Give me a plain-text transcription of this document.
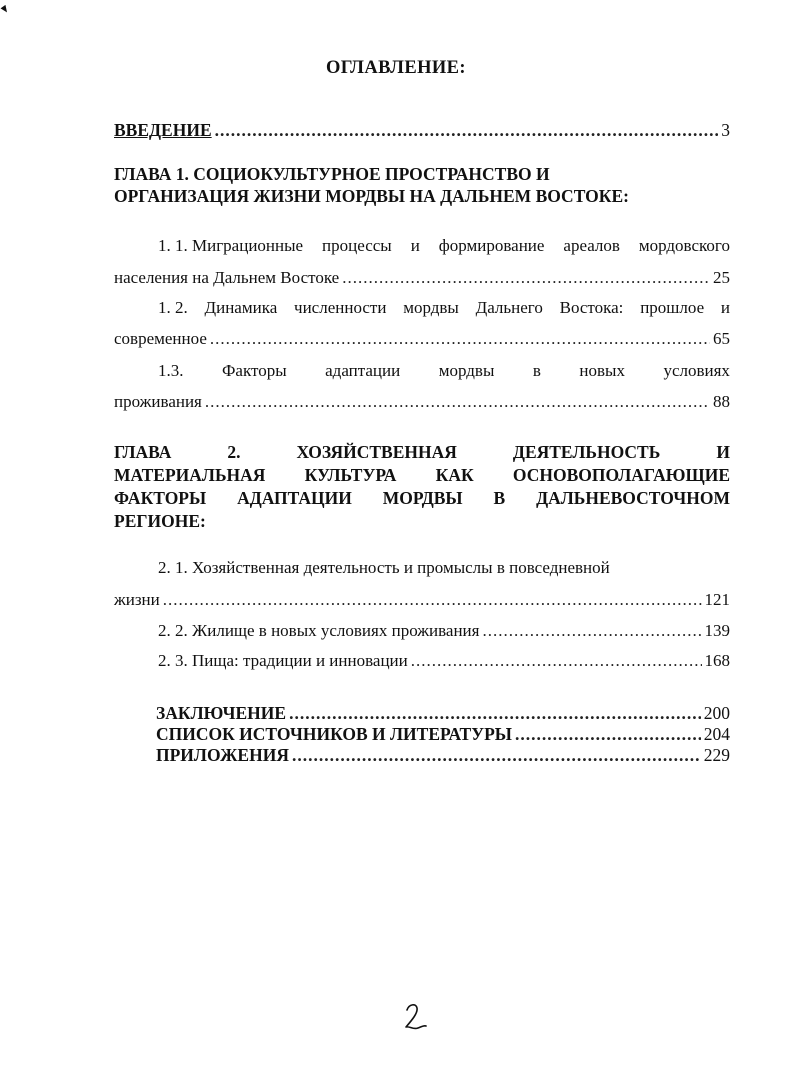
ОГЛАВЛЕНИЕ:
ВВЕДЕНИЕ .....	3
ГЛАВА 1. СОЦИОКУЛЬТУРНОЕ ПРОСТРАНСТВО И
ОРГАНИЗАЦИЯ ЖИЗНИ МОРДВЫ НА ДАЛЬНЕМ ВОСТОКЕ:
1. 1. Миграционные процессы и формирование ареалов мордовского
населения на Дальнем Востоке .....	25
1. 2. Динамика численности мордвы Дальнего Востока: прошлое и
современное .....	65
1.3. Факторы адаптации мордвы в новых условиях
проживания .....	88
ГЛАВА	2.	ХОЗЯЙСТВЕННАЯ	ДЕЯТЕЛЬНОСТЬ	И
МАТЕРИАЛЬНАЯ КУЛЬТУРА КАК ОСНОВОПОЛАГАЮЩИЕ
ФАКТОРЫ АДАПТАЦИИ МОРДВЫ В ДАЛЬНЕВОСТОЧНОМ
РЕГИОНЕ:
2. 1. Хозяйственная деятельность и промыслы в повседневной
жизни .....	121
2. 2. Жилище в новых условиях проживания .....	139
2. 3. Пища: традиции и инновации .....	168
ЗАКЛЮЧЕНИЕ .....	200
СПИСОК ИСТОЧНИКОВ И ЛИТЕРАТУРЫ .....	204
ПРИЛОЖЕНИЯ .....	229
